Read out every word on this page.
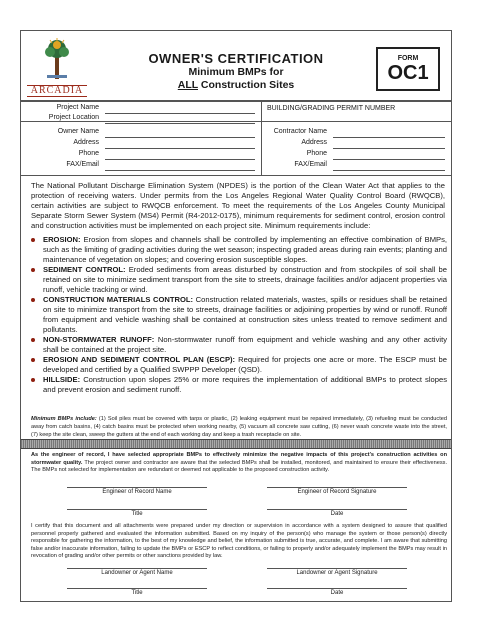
ARCADIA
OWNER'S CERTIFICATION
Minimum BMPs for
ALL Construction Sites
FORM
OC1
Project Name
Project Location
BUILDING/GRADING PERMIT NUMBER
Owner Name
Address
Phone
FAX/Email
Contractor Name
Address
Phone
FAX/Email

The National Pollutant Discharge Elimination System (NPDES) is the portion of the Clean Water Act that applies to the protection of receiving waters. Under permits from the Los Angeles Regional Water Quality Control Board (RWQCB), certain activities are subject to RWQCB enforcement. To meet the requirements of the Los Angeles County Municipal Separate Storm Sewer System (MS4) Permit (R4-2012-0175), minimum requirements for sediment control, erosion control and construction activities must be implemented on each project site. Minimum requirements include:

EROSION: Erosion from slopes and channels shall be controlled by implementing an effective combination of BMPs, such as the limiting of grading activities during the wet season; inspecting graded areas during rain events; planting and maintenance of vegetation on slopes; and covering erosion susceptible slopes.
SEDIMENT CONTROL: Eroded sediments from areas disturbed by construction and from stockpiles of soil shall be retained on site to minimize sediment transport from the site to streets, drainage facilities and/or adjacent properties via runoff, vehicle tracking or wind.
CONSTRUCTION MATERIALS CONTROL: Construction related materials, wastes, spills or residues shall be retained on site to minimize transport from the site to streets, drainage facilities or adjoining properties by wind or runoff. Runoff from equipment and vehicle washing shall be contained at construction sites unless treated to remove sediment and pollutants.
NON-STORMWATER RUNOFF: Non-stormwater runoff from equipment and vehicle washing and any other activity shall be contained at the project site.
EROSION AND SEDIMENT CONTROL PLAN (ESCP): Required for projects one acre or more. The ESCP must be developed and certified by a Qualified SWPPP Developer (QSD).
HILLSIDE: Construction upon slopes 25% or more requires the implementation of additional BMPs to protect slopes and prevent erosion and sediment runoff.

Minimum BMPs include: (1) Soil piles must be covered with tarps or plastic, (2) leaking equipment must be repaired immediately, (3) refueling must be conducted away from catch basins, (4) catch basins must be protected when working nearby, (5) vacuum all concrete saw cutting, (6) never wash concrete waste into the street, (7) keep the site clean, sweep the gutters at the end of each working day and keep a trash receptacle on site.

As the engineer of record, I have selected appropriate BMPs to effectively minimize the negative impacts of this project's construction activities on stormwater quality. The project owner and contractor are aware that the selected BMPs shall be installed, monitored, and maintained to ensure their effectiveness. The BMPs not selected for implementation are redundant or deemed not applicable to the proposed construction activity.

Engineer of Record Name	Engineer of Record Signature
Title	Date

I certify that this document and all attachments were prepared under my direction or supervision in accordance with a system designed to assure that qualified personnel properly gathered and evaluated the information submitted. Based on my inquiry of the person(s) who manage the system or those person(s) directly responsible for gathering the information, to the best of my knowledge and belief, the information submitted is true, accurate, and complete. I am aware that submitting false and/or inaccurate information, failing to update the BMPs or ESCP to reflect conditions, or failing to properly and/or adequately implement the BMPs may result in revocation of grading and/or other permits or other sanctions provided by law.

Landowner or Agent Name	Landowner or Agent Signature
Title	Date
